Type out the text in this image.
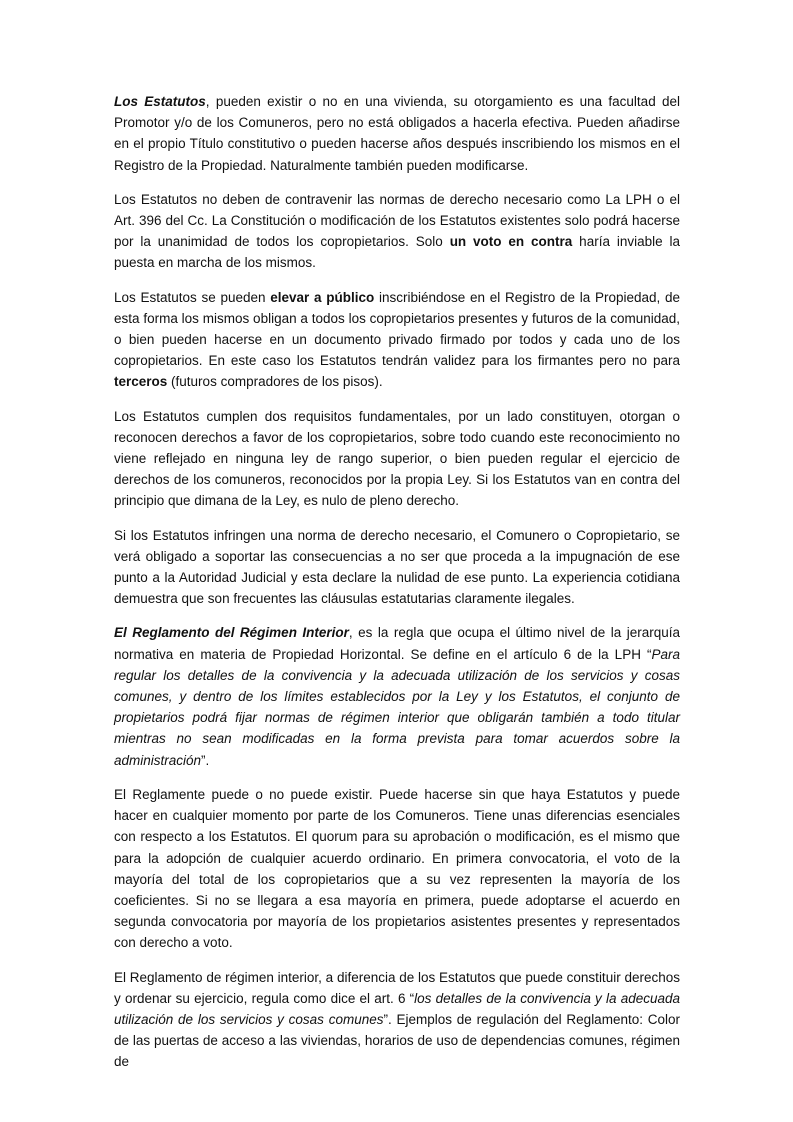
Los Estatutos, pueden existir o no en una vivienda, su otorgamiento es una facultad del Promotor y/o de los Comuneros, pero no está obligados a hacerla efectiva. Pueden añadirse en el propio Título constitutivo o pueden hacerse años después inscribiendo los mismos en el Registro de la Propiedad. Naturalmente también pueden modificarse.

Los Estatutos no deben de contravenir las normas de derecho necesario como La LPH o el Art. 396 del Cc. La Constitución o modificación de los Estatutos existentes solo podrá hacerse por la unanimidad de todos los copropietarios. Solo un voto en contra haría inviable la puesta en marcha de los mismos.

Los Estatutos se pueden elevar a público inscribiéndose en el Registro de la Propiedad, de esta forma los mismos obligan a todos los copropietarios presentes y futuros de la comunidad, o bien pueden hacerse en un documento privado firmado por todos y cada uno de los copropietarios. En este caso los Estatutos tendrán validez para los firmantes pero no para terceros (futuros compradores de los pisos).

Los Estatutos cumplen dos requisitos fundamentales, por un lado constituyen, otorgan o reconocen derechos a favor de los copropietarios, sobre todo cuando este reconocimiento no viene reflejado en ninguna ley de rango superior, o bien pueden regular el ejercicio de derechos de los comuneros, reconocidos por la propia Ley. Si los Estatutos van en contra del principio que dimana de la Ley, es nulo de pleno derecho.

Si los Estatutos infringen una norma de derecho necesario, el Comunero o Copropietario, se verá obligado a soportar las consecuencias a no ser que proceda a la impugnación de ese punto a la Autoridad Judicial y esta declare la nulidad de ese punto. La experiencia cotidiana demuestra que son frecuentes las cláusulas estatutarias claramente ilegales.

El Reglamento del Régimen Interior, es la regla que ocupa el último nivel de la jerarquía normativa en materia de Propiedad Horizontal. Se define en el artículo 6 de la LPH “Para regular los detalles de la convivencia y la adecuada utilización de los servicios y cosas comunes, y dentro de los límites establecidos por la Ley y los Estatutos, el conjunto de propietarios podrá fijar normas de régimen interior que obligarán también a todo titular mientras no sean modificadas en la forma prevista para tomar acuerdos sobre la administración”.

El Reglamente puede o no puede existir. Puede hacerse sin que haya Estatutos y puede hacer en cualquier momento por parte de los Comuneros. Tiene unas diferencias esenciales con respecto a los Estatutos. El quorum para su aprobación o modificación, es el mismo que para la adopción de cualquier acuerdo ordinario. En primera convocatoria, el voto de la mayoría del total de los copropietarios que a su vez representen la mayoría de los coeficientes. Si no se llegara a esa mayoría en primera, puede adoptarse el acuerdo en segunda convocatoria por mayoría de los propietarios asistentes presentes y representados con derecho a voto.

El Reglamento de régimen interior, a diferencia de los Estatutos que puede constituir derechos y ordenar su ejercicio, regula como dice el art. 6 “los detalles de la convivencia y la adecuada utilización de los servicios y cosas comunes”. Ejemplos de regulación del Reglamento: Color de las puertas de acceso a las viviendas, horarios de uso de dependencias comunes, régimen de
